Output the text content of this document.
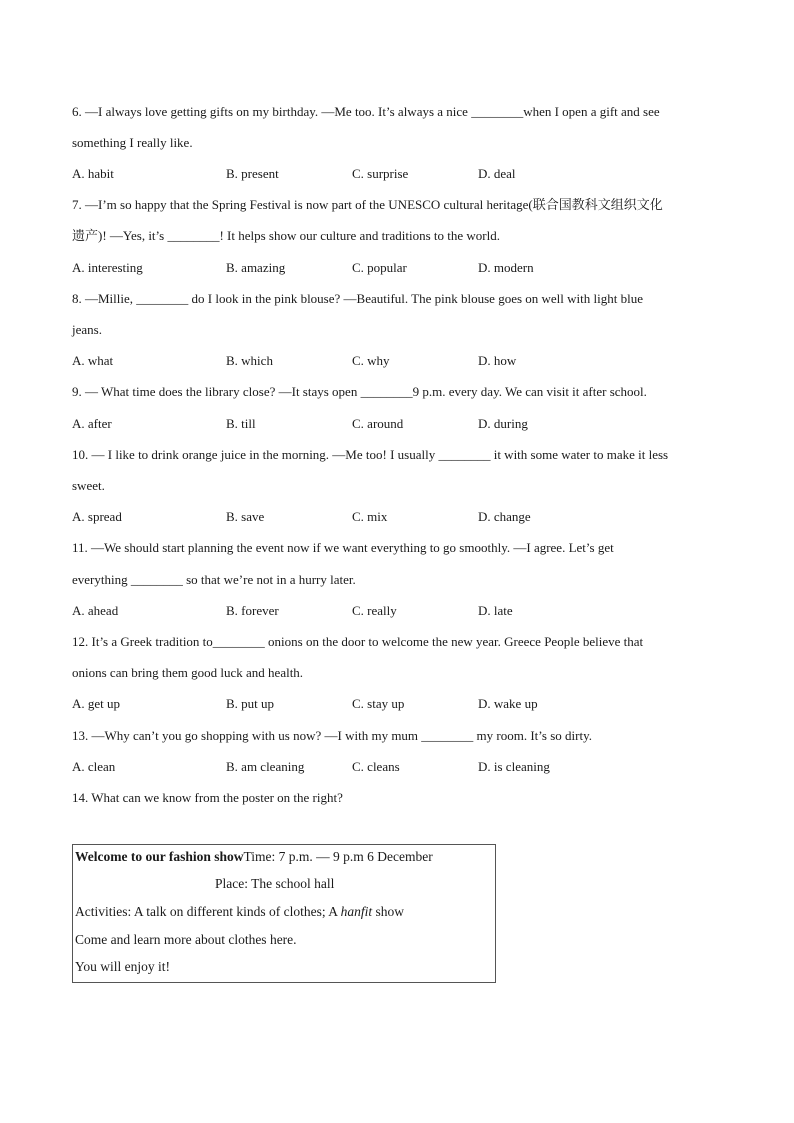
6. —I always love getting gifts on my birthday. —Me too. It’s always a nice ________when I open a gift and see
something I really like.
A. habit	B. present	C. surprise	D. deal
7. —I’m so happy that the Spring Festival is now part of the UNESCO cultural heritage(联合国教科文组织文化
遗产)! —Yes, it’s ________! It helps show our culture and traditions to the world.
A. interesting	B. amazing	C. popular	D. modern
8. —Millie, ________ do I look in the pink blouse? —Beautiful. The pink blouse goes on well with light blue
jeans.
A. what	B. which	C. why	D. how
9. — What time does the library close? —It stays open ________9 p.m. every day. We can visit it after school.
A. after	B. till	C. around	D. during
10. — I like to drink orange juice in the morning. —Me too! I usually ________ it with some water to make it less
sweet.
A. spread	B. save	C. mix	D. change
11. —We should start planning the event now if we want everything to go smoothly. —I agree. Let’s get
everything ________ so that we’re not in a hurry later.
A. ahead	B. forever	C. really	D. late
12. It’s a Greek tradition to________ onions on the door to welcome the new year. Greece People believe that
onions can bring them good luck and health.
A. get up	B. put up	C. stay up	D. wake up
13. —Why can’t you go shopping with us now? —I with my mum ________ my room. It’s so dirty.
A. clean	B. am cleaning	C. cleans	D. is cleaning
14. What can we know from the poster on the right?
Welcome to our fashion showTime: 7 p.m. — 9 p.m 6 December
Place: The school hall
Activities: A talk on different kinds of clothes; A hanfit show
Come and learn more about clothes here.
You will enjoy it!
